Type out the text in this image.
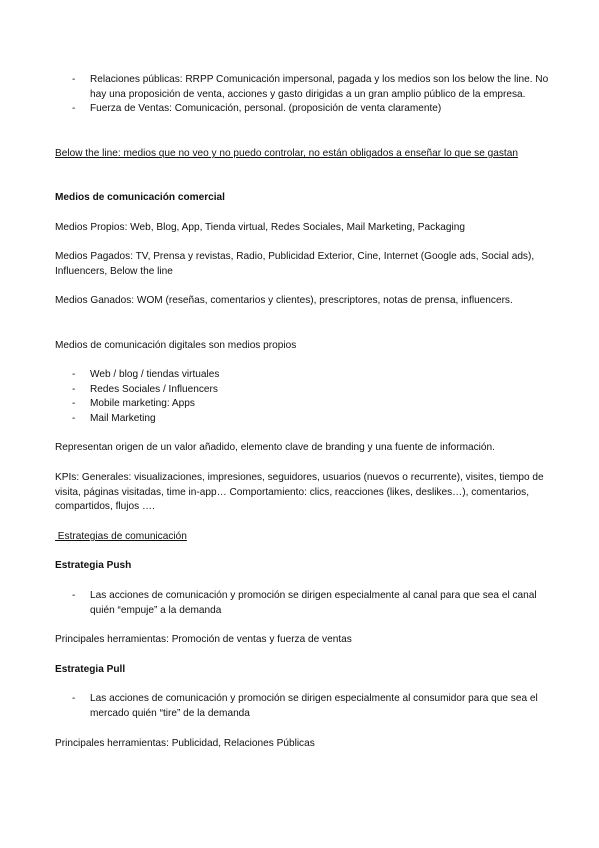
- Relaciones públicas: RRPP Comunicación impersonal, pagada y los medios son los below the line. No hay una proposición de venta, acciones y gasto dirigidas a un gran amplio público de la empresa.
- Fuerza de Ventas: Comunicación, personal. (proposición de venta claramente)

Below the line: medios que no veo y no puedo controlar, no están obligados a enseñar lo que se gastan

Medios de comunicación comercial

Medios Propios: Web, Blog, App, Tienda virtual, Redes Sociales, Mail Marketing, Packaging

Medios Pagados: TV, Prensa y revistas, Radio, Publicidad Exterior, Cine, Internet (Google ads, Social ads), Influencers, Below the line

Medios Ganados: WOM (reseñas, comentarios y clientes), prescriptores, notas de prensa, influencers.

Medios de comunicación digitales son medios propios

- Web / blog / tiendas virtuales
- Redes Sociales / Influencers
- Mobile marketing: Apps
- Mail Marketing

Representan origen de un valor añadido, elemento clave de branding y una fuente de información.

KPIs: Generales: visualizaciones, impresiones, seguidores, usuarios (nuevos o recurrente), visites, tiempo de visita, páginas visitadas, time in-app… Comportamiento: clics, reacciones (likes, deslikes…), comentarios, compartidos, flujos ….

Estrategias de comunicación

Estrategia Push

- Las acciones de comunicación y promoción se dirigen especialmente al canal para que sea el canal quién “empuje” a la demanda

Principales herramientas: Promoción de ventas y fuerza de ventas

Estrategia Pull

- Las acciones de comunicación y promoción se dirigen especialmente al consumidor para que sea el mercado quién “tire” de la demanda

Principales herramientas: Publicidad, Relaciones Públicas
